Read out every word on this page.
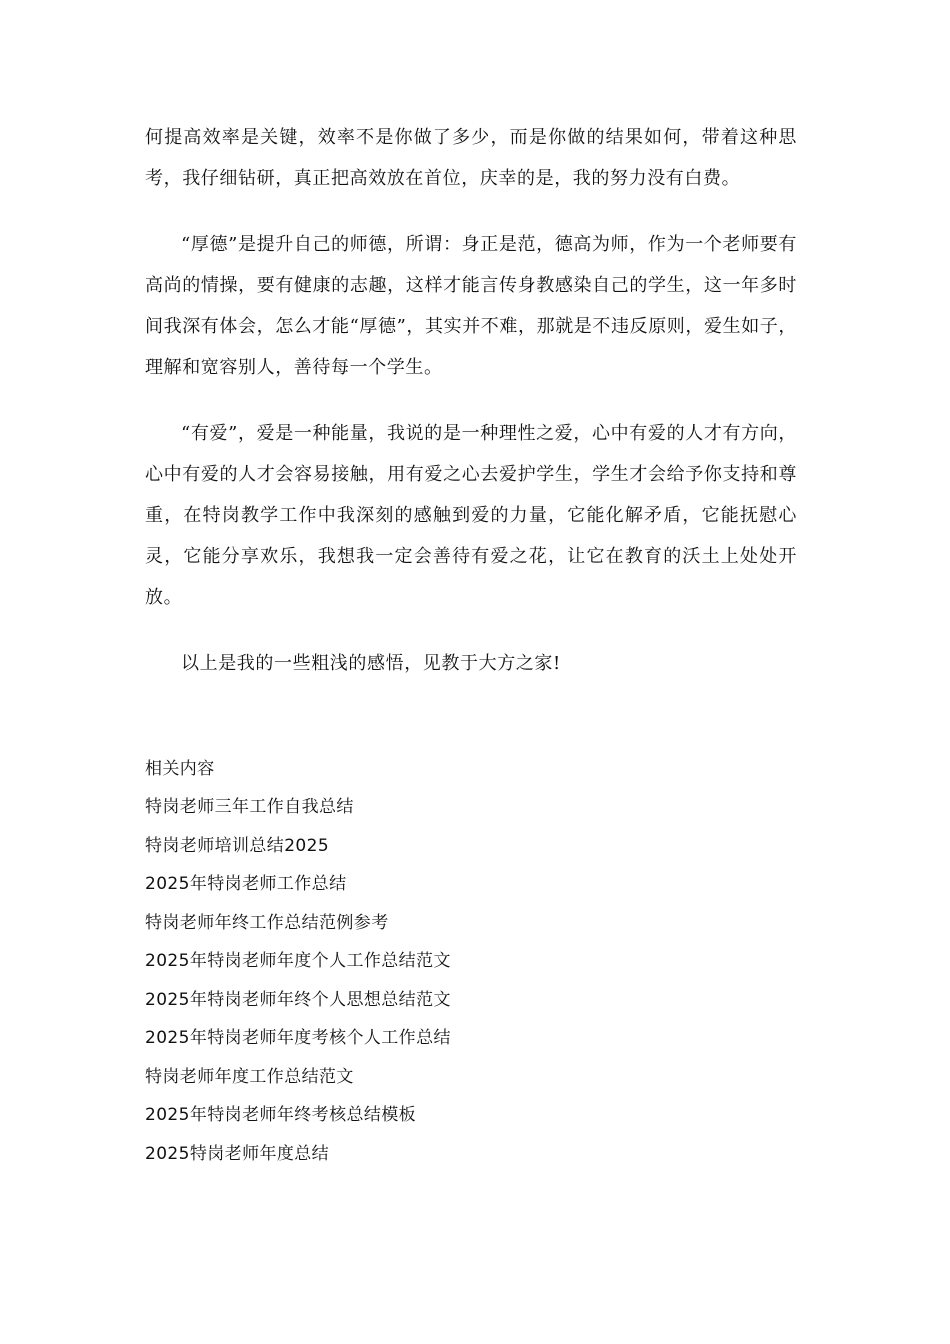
何提高效率是关键，效率不是你做了多少，而是你做的结果如何，带着这种思考，我仔细钻研，真正把高效放在首位，庆幸的是，我的努力没有白费。

“厚德”是提升自己的师德，所谓：身正是范，德高为师，作为一个老师要有高尚的情操，要有健康的志趣，这样才能言传身教感染自己的学生，这一年多时间我深有体会，怎么才能“厚德”，其实并不难，那就是不违反原则，爱生如子，理解和宽容别人，善待每一个学生。

“有爱”，爱是一种能量，我说的是一种理性之爱，心中有爱的人才有方向，心中有爱的人才会容易接触，用有爱之心去爱护学生，学生才会给予你支持和尊重，在特岗教学工作中我深刻的感触到爱的力量，它能化解矛盾，它能抚慰心灵，它能分享欢乐，我想我一定会善待有爱之花，让它在教育的沃土上处处开放。

以上是我的一些粗浅的感悟，见教于大方之家!

相关内容

特岗老师三年工作自我总结
特岗老师培训总结2025
2025年特岗老师工作总结
特岗老师年终工作总结范例参考
2025年特岗老师年度个人工作总结范文
2025年特岗老师年终个人思想总结范文
2025年特岗老师年度考核个人工作总结
特岗老师年度工作总结范文
2025年特岗老师年终考核总结模板
2025特岗老师年度总结
